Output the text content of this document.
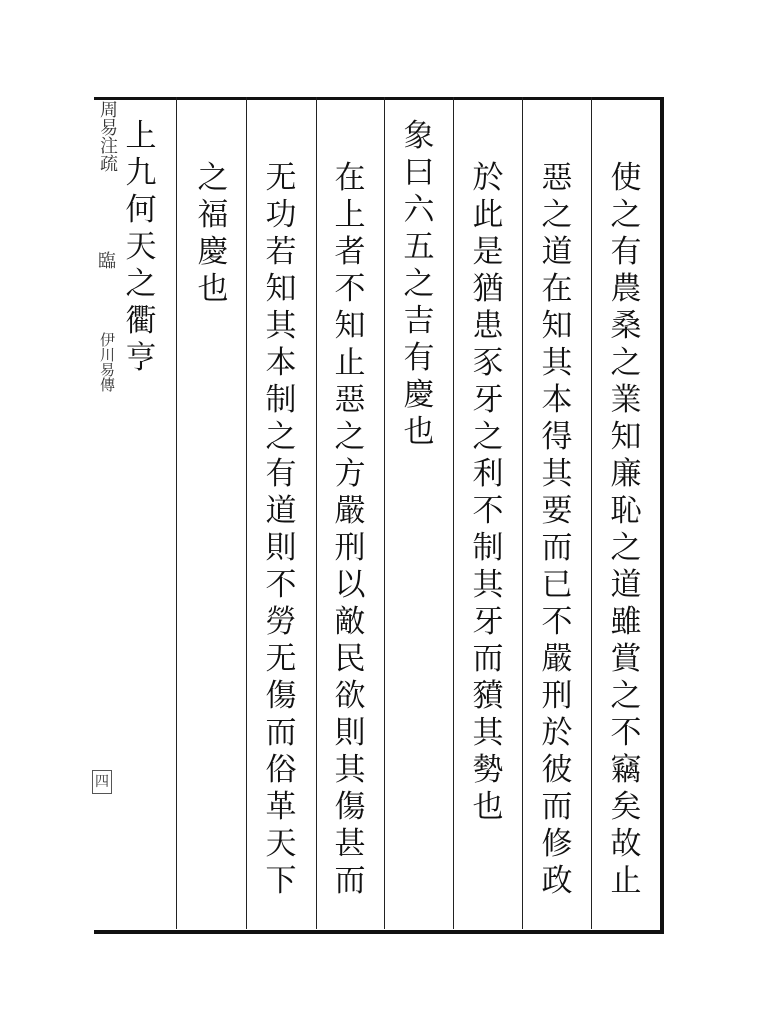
周易注疏
臨
伊川易傳
四
使
之
有
農
桑
之
業
知
廉
恥
之
道
雖
賞
之
不
竊
矣
故
止
惡
之
道
在
知
其
本
得
其
要
而
已
不
嚴
刑
於
彼
而
修
政
於
此
是
猶
患
豕
牙
之
利
不
制
其
牙
而
豶
其
勢
也
象
曰
六
五
之
吉
有
慶
也
在
上
者
不
知
止
惡
之
方
嚴
刑
以
敵
民
欲
則
其
傷
甚
而
无
功
若
知
其
本
制
之
有
道
則
不
勞
无
傷
而
俗
革
天
下
之
福
慶
也
上
九
何
天
之
衢
亨
